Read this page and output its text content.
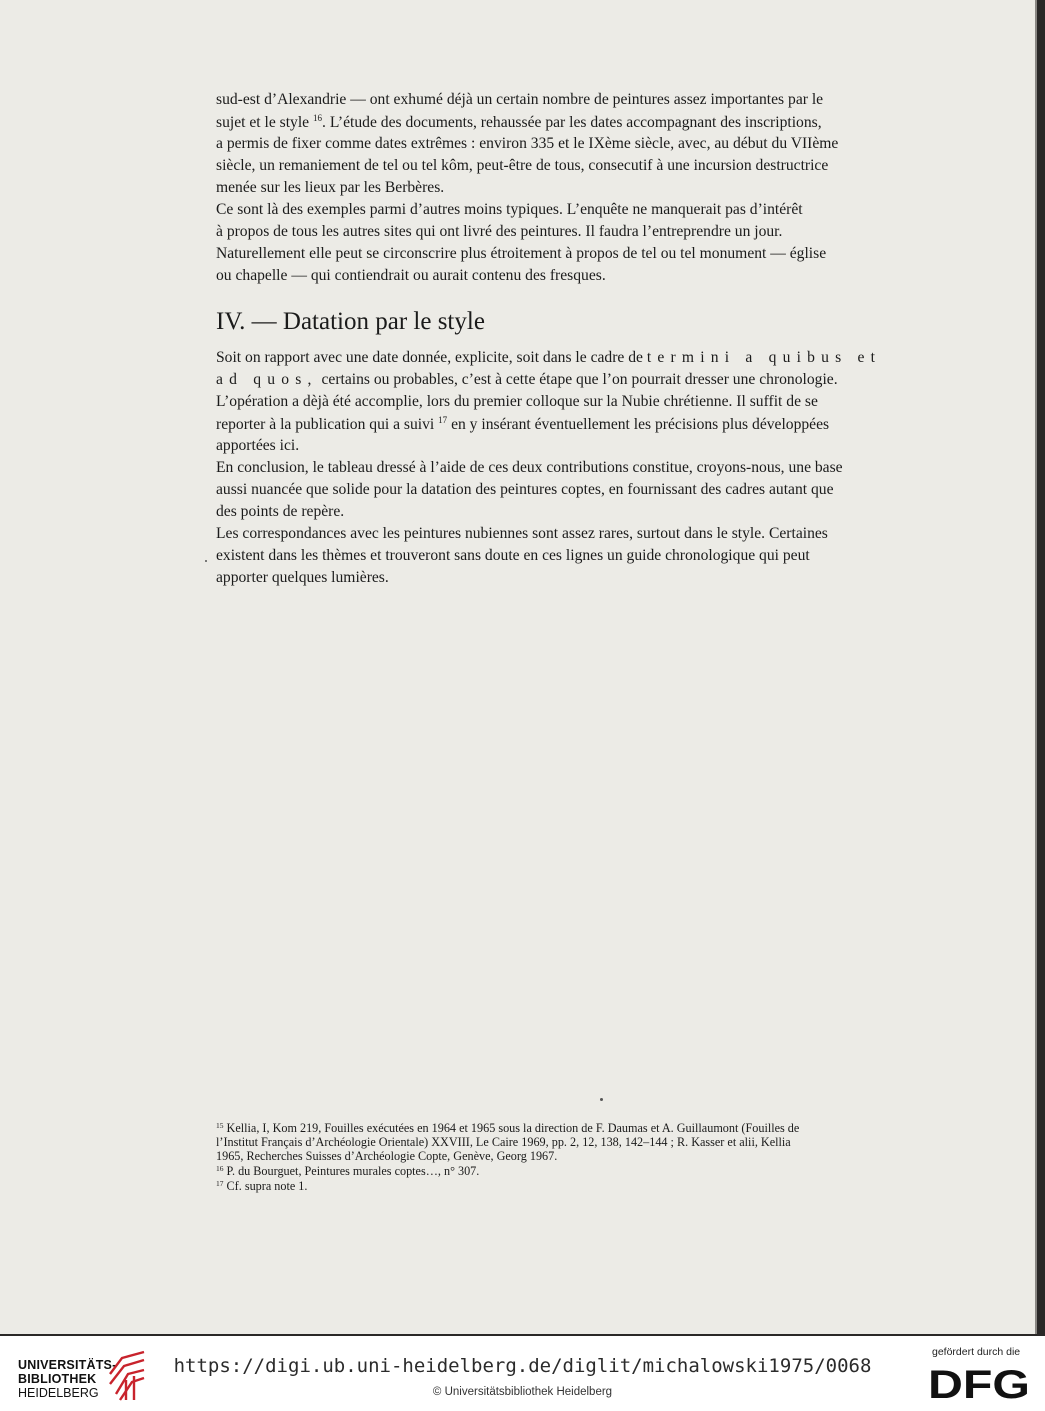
sud-est d’Alexandrie — ont exhumé déjà un certain nombre de peintures assez importantes par le
sujet et le style $^{16}$. L’étude des documents, rehaussée par les dates accompagnant des inscriptions,
a permis de fixer comme dates extrêmes : environ 335 et le IXème siècle, avec, au début du VIIème
siècle, un remaniement de tel ou tel kôm, peut-être de tous, consecutif à une incursion destructrice
menée sur les lieux par les Berbères.
Ce sont là des exemples parmi d’autres moins typiques. L’enquête ne manquerait pas d’intérêt
à propos de tous les autres sites qui ont livré des peintures. Il faudra l’entreprendre un jour.
Naturellement elle peut se circonscrire plus étroitement à propos de tel ou tel monument — église
ou chapelle — qui contiendrait ou aurait contenu des fresques.
IV. — Datation par le style
Soit on rapport avec une date donnée, explicite, soit dans le cadre de termini a quibus et
ad quos, certains ou probables, c’est à cette étape que l’on pourrait dresser une chronologie.
L’opération a dèjà été accomplie, lors du premier colloque sur la Nubie chrétienne. Il suffit de se
reporter à la publication qui a suivi $^{17}$ en y insérant éventuellement les précisions plus développées
apportées ici.
En conclusion, le tableau dressé à l’aide de ces deux contributions constitue, croyons-nous, une base
aussi nuancée que solide pour la datation des peintures coptes, en fournissant des cadres autant que
des points de repère.
Les correspondances avec les peintures nubiennes sont assez rares, surtout dans le style. Certaines
existent dans les thèmes et trouveront sans doute en ces lignes un guide chronologique qui peut
apporter quelques lumières.
$^{15}$ Kellia, I, Kom 219, Fouilles exécutées en 1964 et 1965 sous la direction de F. Daumas et A. Guillaumont (Fouilles de
l’Institut Français d’Archéologie Orientale) XXVIII, Le Caire 1969, pp. 2, 12, 138, 142–144 ; R. Kasser et alii, Kellia
1965, Recherches Suisses d’Archéologie Copte, Genève, Georg 1967.
$^{16}$ P. du Bourguet, Peintures murales coptes…, n° 307.
$^{17}$ Cf. supra note 1.
UNIVERSITÄTS-
BIBLIOTHEK
HEIDELBERG
https://digi.ub.uni-heidelberg.de/diglit/michalowski1975/0068
© Universitätsbibliothek Heidelberg
gefördert durch die
DFG
